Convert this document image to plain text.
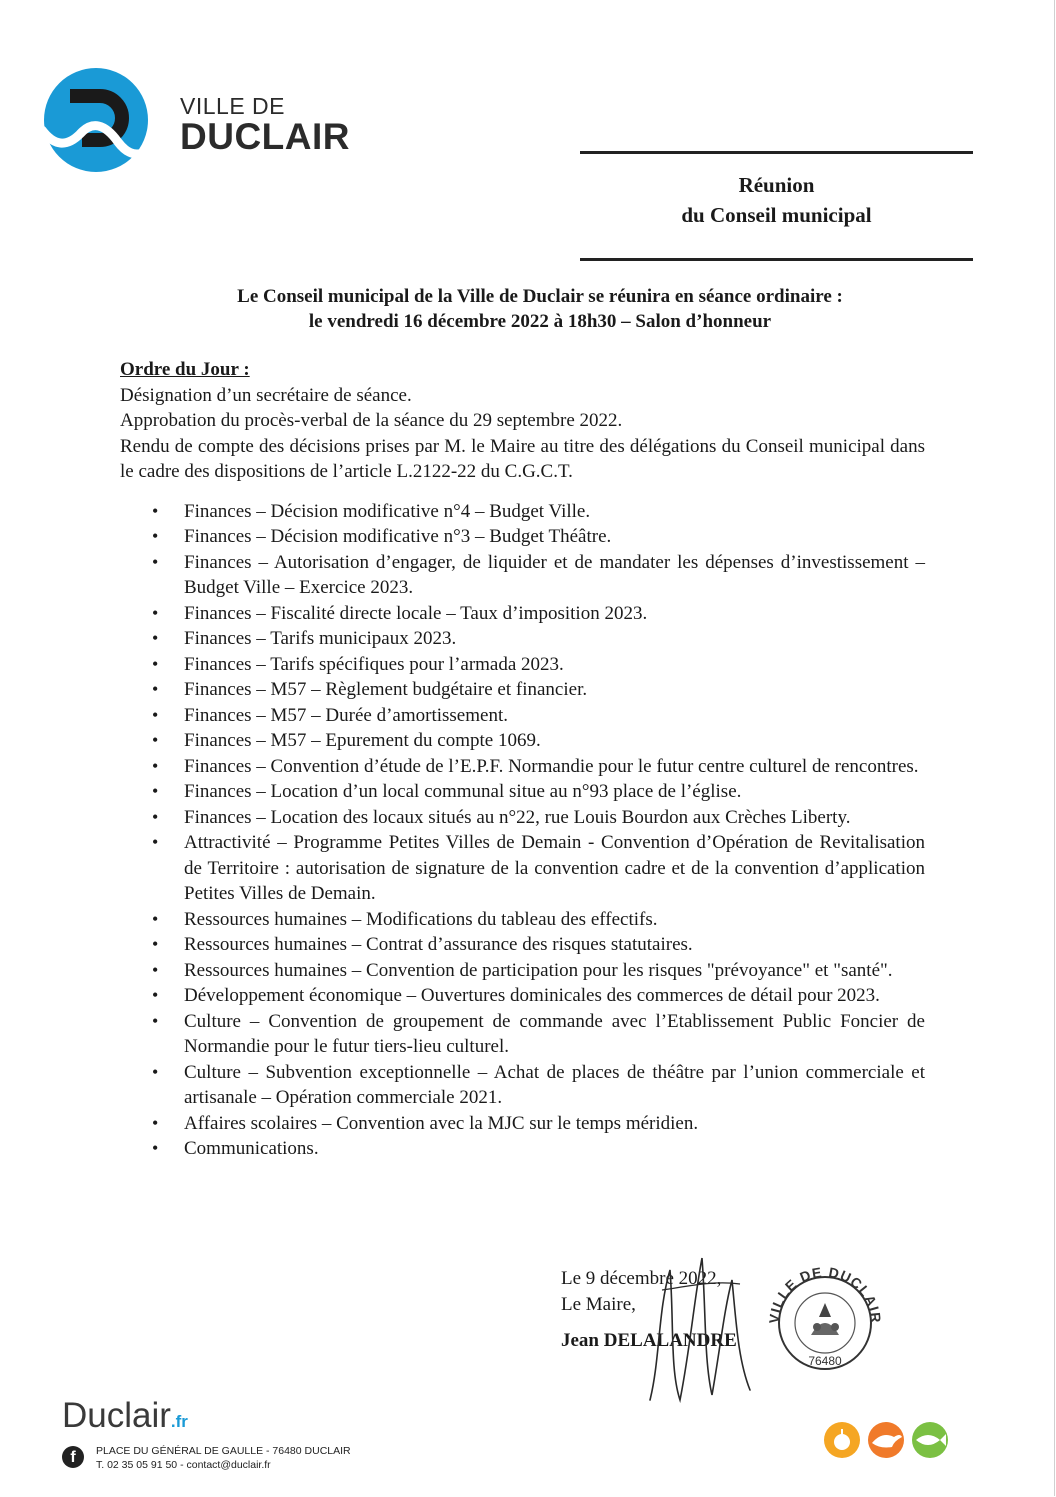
VILLE DE
DUCLAIR
Réunion
du Conseil municipal
Le Conseil municipal de la Ville de Duclair se réunira en séance ordinaire :
le vendredi 16 décembre 2022 à 18h30 – Salon d’honneur
Ordre du Jour :
Désignation d’un secrétaire de séance.
Approbation du procès-verbal de la séance du 29 septembre 2022.
Rendu de compte des décisions prises par M. le Maire au titre des délégations du Conseil municipal dans le cadre des dispositions de l’article L.2122-22 du C.G.C.T.
• Finances – Décision modificative n°4 – Budget Ville.
• Finances – Décision modificative n°3 – Budget Théâtre.
• Finances – Autorisation d’engager, de liquider et de mandater les dépenses d’investissement – Budget Ville – Exercice 2023.
• Finances – Fiscalité directe locale – Taux d’imposition 2023.
• Finances – Tarifs municipaux 2023.
• Finances – Tarifs spécifiques pour l’armada 2023.
• Finances – M57 – Règlement budgétaire et financier.
• Finances – M57 – Durée d’amortissement.
• Finances – M57 – Epurement du compte 1069.
• Finances – Convention d’étude de l’E.P.F. Normandie pour le futur centre culturel de rencontres.
• Finances – Location d’un local communal situe au n°93 place de l’église.
• Finances – Location des locaux situés au n°22, rue Louis Bourdon aux Crèches Liberty.
• Attractivité – Programme Petites Villes de Demain - Convention d’Opération de Revitalisation de Territoire : autorisation de signature de la convention cadre et de la convention d’application Petites Villes de Demain.
• Ressources humaines – Modifications du tableau des effectifs.
• Ressources humaines – Contrat d’assurance des risques statutaires.
• Ressources humaines – Convention de participation pour les risques "prévoyance" et "santé".
• Développement économique – Ouvertures dominicales des commerces de détail pour 2023.
• Culture – Convention de groupement de commande avec l’Etablissement Public Foncier de Normandie pour le futur tiers-lieu culturel.
• Culture – Subvention exceptionnelle – Achat de places de théâtre par l’union commerciale et artisanale – Opération commerciale 2021.
• Affaires scolaires – Convention avec la MJC sur le temps méridien.
• Communications.
Le 9 décembre 2022,
Le Maire,
Jean DELALANDRE
VILLE DE DUCLAIR
76480
Duclair.fr
f	PLACE DU GÉNÉRAL DE GAULLE - 76480 DUCLAIR
T. 02 35 05 91 50 - contact@duclair.fr
